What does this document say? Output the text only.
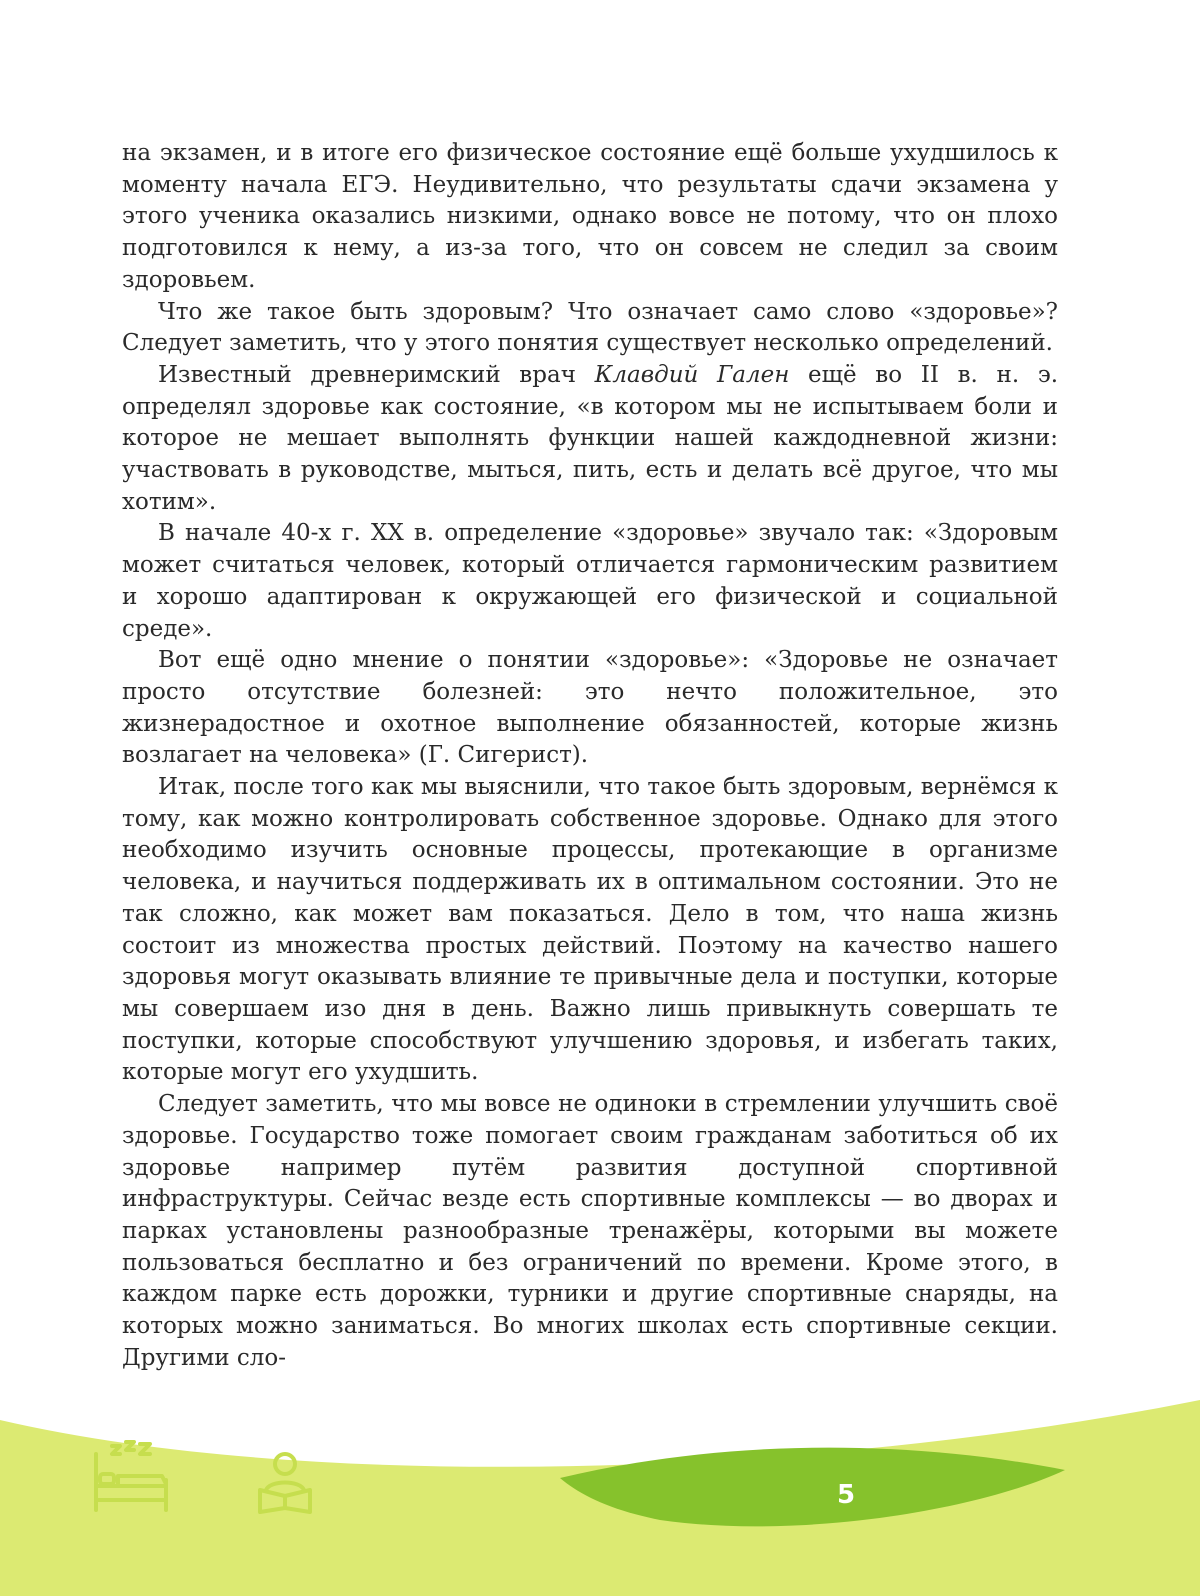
на экзамен, и в итоге его физическое состояние ещё больше ухудшилось к моменту начала ЕГЭ. Неудивительно, что результаты сдачи экзамена у этого ученика оказались низкими, однако вовсе не потому, что он плохо подготовился к нему, а из-за того, что он совсем не следил за своим здоровьем.

Что же такое быть здоровым? Что означает само слово «здоровье»? Следует заметить, что у этого понятия существует несколько определений.

Известный древнеримский врач Клавдий Гален ещё во II в. н. э. определял здоровье как состояние, «в котором мы не испытываем боли и которое не мешает выполнять функции нашей каждодневной жизни: участвовать в руководстве, мыться, пить, есть и делать всё другое, что мы хотим».

В начале 40-х г. XX в. определение «здоровье» звучало так: «Здоровым может считаться человек, который отличается гармоническим развитием и хорошо адаптирован к окружающей его физической и социальной среде».

Вот ещё одно мнение о понятии «здоровье»: «Здоровье не означает просто отсутствие болезней: это нечто положительное, это жизнерадостное и охотное выполнение обязанностей, которые жизнь возлагает на человека» (Г. Сигерист).

Итак, после того как мы выяснили, что такое быть здоровым, вернёмся к тому, как можно контролировать собственное здоровье. Однако для этого необходимо изучить основные процессы, протекающие в организме человека, и научиться поддерживать их в оптимальном состоянии. Это не так сложно, как может вам показаться. Дело в том, что наша жизнь состоит из множества простых действий. Поэтому на качество нашего здоровья могут оказывать влияние те привычные дела и поступки, которые мы совершаем изо дня в день. Важно лишь привыкнуть совершать те поступки, которые способствуют улучшению здоровья, и избегать таких, которые могут его ухудшить.

Следует заметить, что мы вовсе не одиноки в стремлении улучшить своё здоровье. Государство тоже помогает своим гражданам заботиться об их здоровье например путём развития доступной спортивной инфраструктуры. Сейчас везде есть спортивные комплексы — во дворах и парках установлены разнообразные тренажёры, которыми вы можете пользоваться бесплатно и без ограничений по времени. Кроме этого, в каждом парке есть дорожки, турники и другие спортивные снаряды, на которых можно заниматься. Во многих школах есть спортивные секции. Другими сло-

5
